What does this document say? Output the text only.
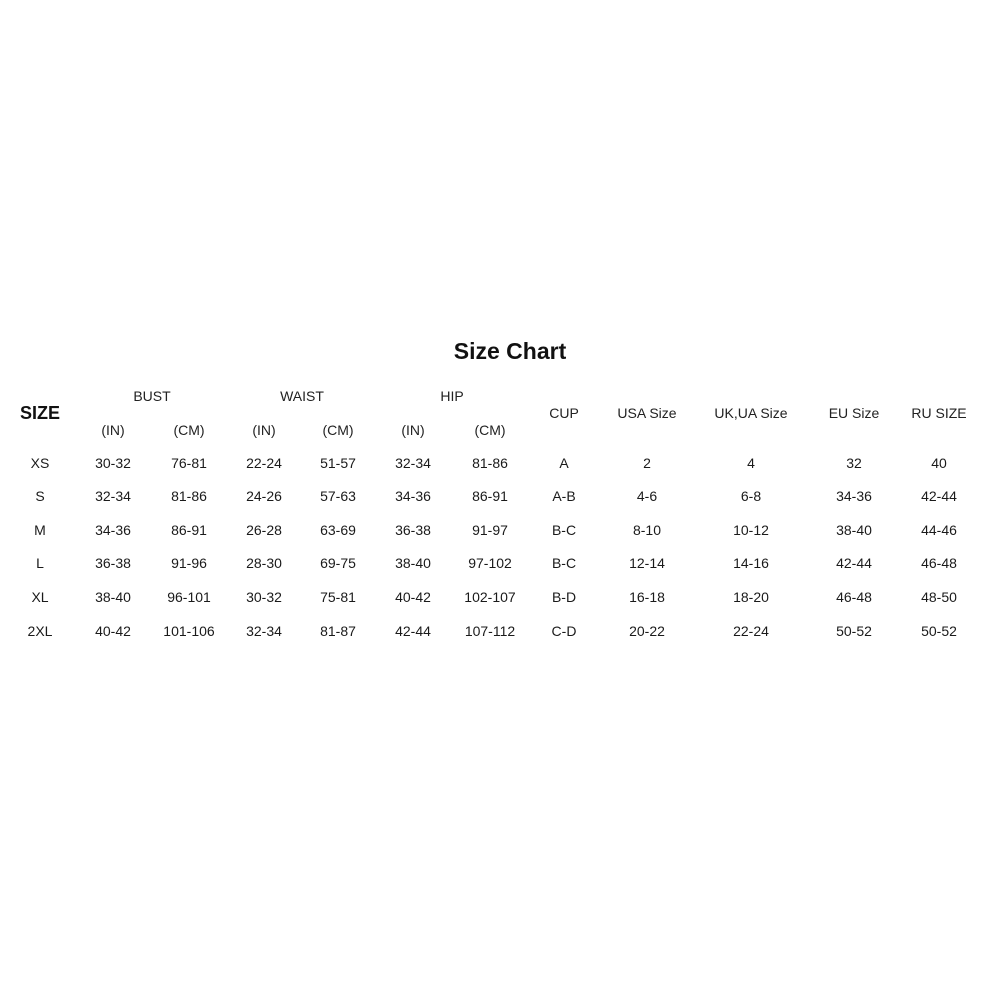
Size Chart
SIZE
BUST	WAIST	HIP
(IN)	(CM)	(IN)	(CM)	(IN)	(CM)
CUP	USA Size	UK,UA Size	EU Size RU SIZE
XS	30-32	76-81	22-24	51-57	32-34	81-86	A	2	4	32	40
S	32-34	81-86	24-26	57-63	34-36	86-91	A-B	4-6	6-8	34-36	42-44
M	34-36	86-91	26-28	63-69	36-38	91-97	B-C	8-10	10-12	38-40	44-46
L	36-38	91-96	28-30	69-75	38-40	97-102	B-C	12-14	14-16	42-44	46-48
XL	38-40	96-101	30-32	75-81	40-42 102-107	B-D	16-18	18-20	46-48	48-50
2XL	40-42 101-106 32-34	81-87	42-44 107-112	C-D	20-22	22-24	50-52	50-52
